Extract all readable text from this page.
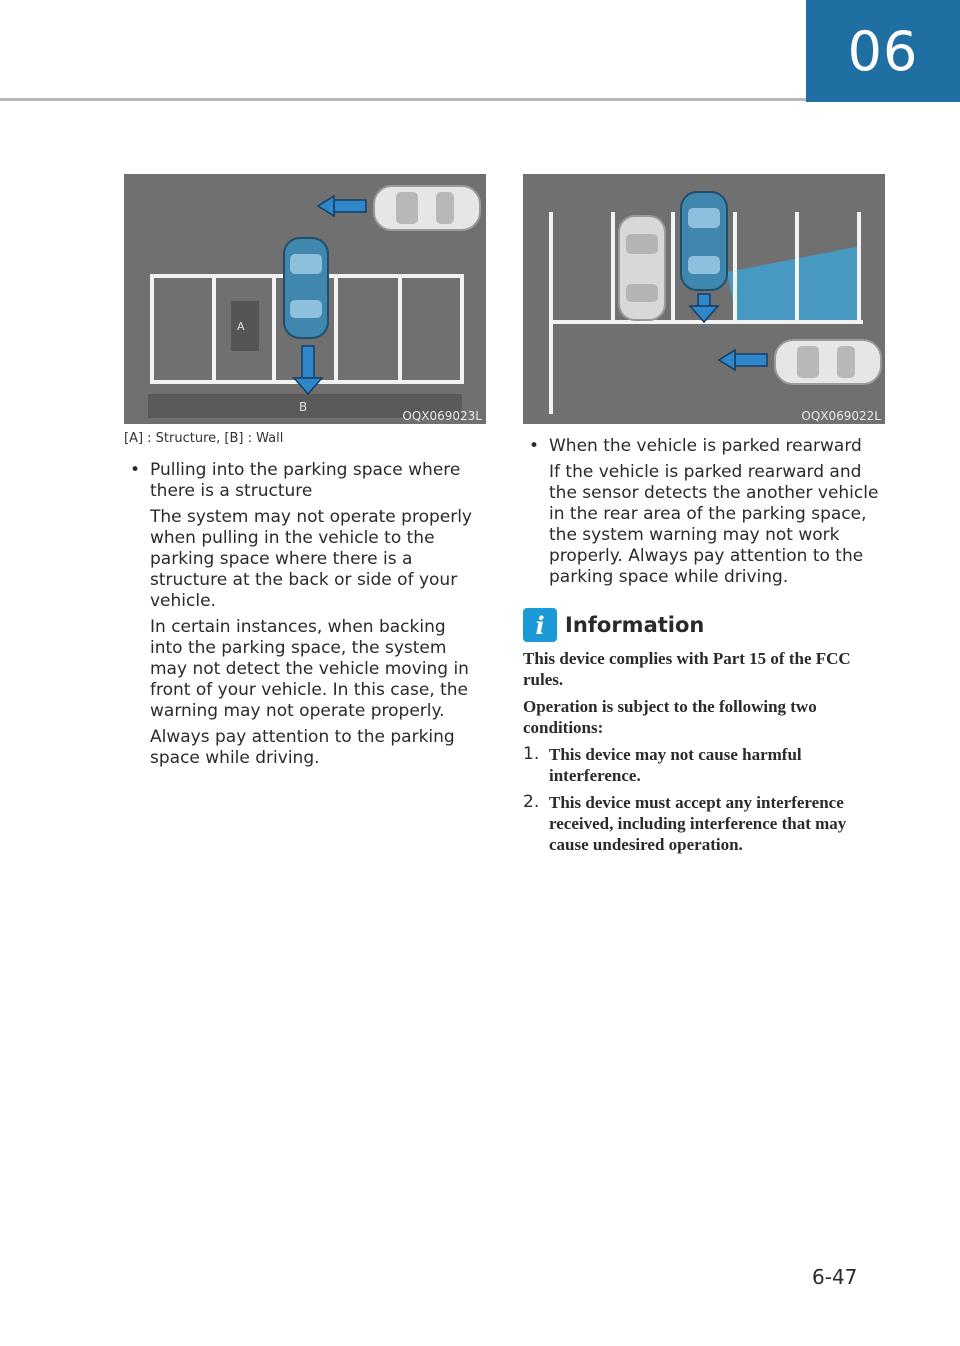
06
A
B
OQX069023L
[A] : Structure, [B] : Wall
OQX069022L
• Pulling into the parking space where there is a structure
The system may not operate properly when pulling in the vehicle to the parking space where there is a structure at the back or side of your vehicle.
In certain instances, when backing into the parking space, the system may not detect the vehicle moving in front of your vehicle. In this case, the warning may not operate properly.
Always pay attention to the parking space while driving.
• When the vehicle is parked rearward
If the vehicle is parked rearward and the sensor detects the another vehicle in the rear area of the parking space, the system warning may not work properly. Always pay attention to the parking space while driving.
i Information

This device complies with Part 15 of the FCC rules.

Operation is subject to the following two conditions:

1. This device may not cause harmful interference.
2. This device must accept any interference received, including interference that may cause undesired operation.
6-47
